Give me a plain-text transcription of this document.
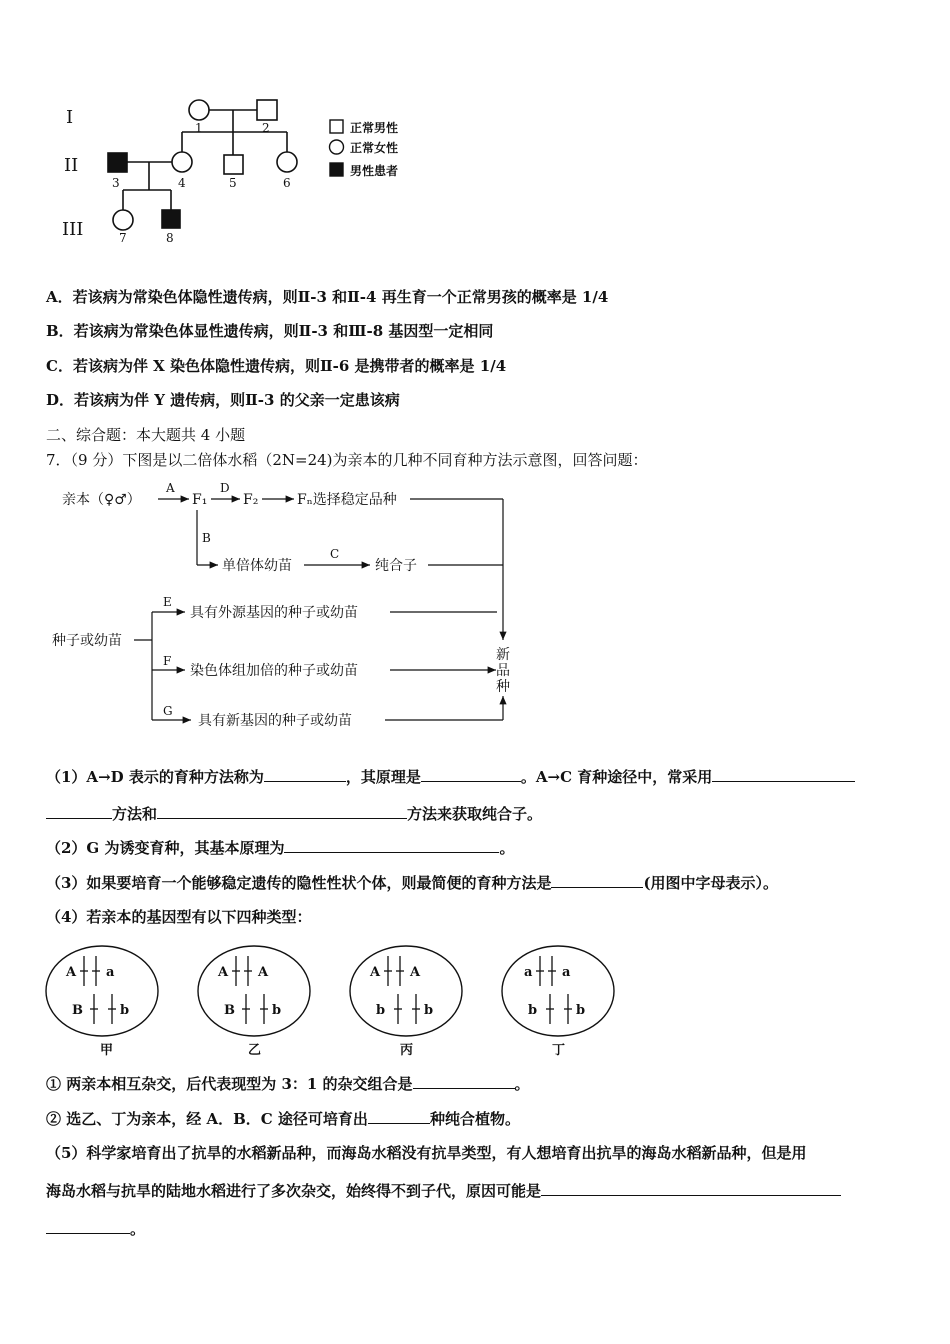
I
II
III
1	2
3	4	5	6
7	8
正常男性
正常女性
男性患者
A．若该病为常染色体隐性遗传病，则Ⅱ-3 和Ⅱ-4 再生育一个正常男孩的概率是 1/4
B．若该病为常染色体显性遗传病，则Ⅱ-3 和Ⅲ-8 基因型一定相同
C．若该病为伴 X 染色体隐性遗传病，则Ⅱ-6 是携带者的概率是 1/4
D．若该病为伴 Y 遗传病，则Ⅱ-3 的父亲一定患该病
二、综合题：本大题共 4 小题
7．（9 分）下图是以二倍体水稻（2N=24)为亲本的几种不同育种方法示意图，回答问题：
亲本（♀♂）	F₁	F₂	Fₙ选择稳定品种
单倍体幼苗	纯合子
种子或幼苗
具有外源基因的种子或幼苗
染色体组加倍的种子或幼苗
具有新基因的种子或幼苗
新
品
种
A	D
B
C
E
F
G
（1）A→D 表示的育种方法称为	，其原理是	。A→C 育种途径中，常采用
方法和	方法来获取纯合子。
（2）G 为诱变育种，其基本原理为	。
（3）如果要培育一个能够稳定遗传的隐性性状个体，则最简便的育种方法是	(用图中字母表示）。
（4）若亲本的基因型有以下四种类型：
A a
B	b
甲
A A
B	b
乙
A A
b	b
丙
a a
b	b
丁
① 两亲本相互杂交，后代表现型为 3：1 的杂交组合是	。
② 选乙、丁为亲本，经 A．B．C 途径可培育出	种纯合植物。
（5）科学家培育出了抗旱的水稻新品种，而海岛水稻没有抗旱类型，有人想培育出抗旱的海岛水稻新品种，但是用
海岛水稻与抗旱的陆地水稻进行了多次杂交，始终得不到子代，原因可能是
。
